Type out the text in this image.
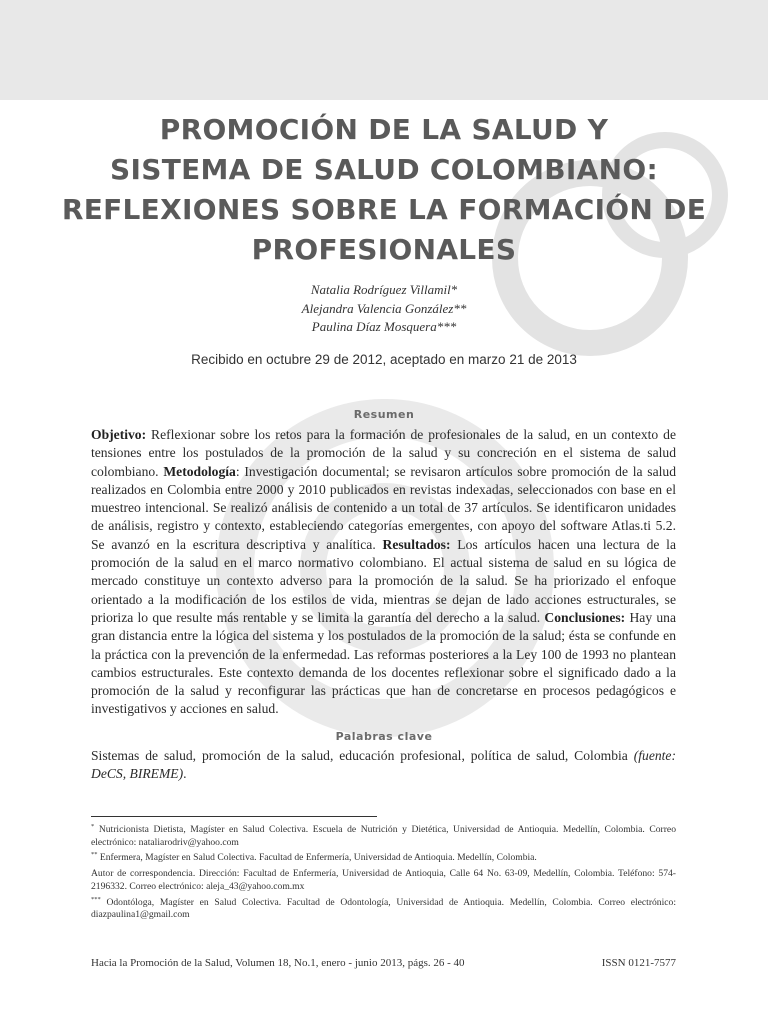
PROMOCIÓN DE LA SALUD Y
SISTEMA DE SALUD COLOMBIANO:
REFLEXIONES SOBRE LA FORMACIÓN DE
PROFESIONALES
Natalia Rodríguez Villamil*
Alejandra Valencia González**
Paulina Díaz Mosquera***
Recibido en octubre 29 de 2012, aceptado en marzo 21 de 2013
Resumen
Objetivo: Reflexionar sobre los retos para la formación de profesionales de la salud, en un contexto de tensiones entre los postulados de la promoción de la salud y su concreción en el sistema de salud colombiano. Metodología: Investigación documental; se revisaron artículos sobre promoción de la salud realizados en Colombia entre 2000 y 2010 publicados en revistas indexadas, seleccionados con base en el muestreo intencional. Se realizó análisis de contenido a un total de 37 artículos. Se identificaron unidades de análisis, registro y contexto, estableciendo categorías emergentes, con apoyo del software Atlas.ti 5.2. Se avanzó en la escritura descriptiva y analítica. Resultados: Los artículos hacen una lectura de la promoción de la salud en el marco normativo colombiano. El actual sistema de salud en su lógica de mercado constituye un contexto adverso para la promoción de la salud. Se ha priorizado el enfoque orientado a la modificación de los estilos de vida, mientras se dejan de lado acciones estructurales, se prioriza lo que resulte más rentable y se limita la garantía del derecho a la salud. Conclusiones: Hay una gran distancia entre la lógica del sistema y los postulados de la promoción de la salud; ésta se confunde en la práctica con la prevención de la enfermedad. Las reformas posteriores a la Ley 100 de 1993 no plantean cambios estructurales. Este contexto demanda de los docentes reflexionar sobre el significado dado a la promoción de la salud y reconfigurar las prácticas que han de concretarse en procesos pedagógicos e investigativos y acciones en salud.
Palabras clave
Sistemas de salud, promoción de la salud, educación profesional, política de salud, Colombia (fuente: DeCS, BIREME).

* Nutricionista Dietista, Magíster en Salud Colectiva. Escuela de Nutrición y Dietética, Universidad de Antioquia. Medellín, Colombia. Correo electrónico: nataliarodriv@yahoo.com

** Enfermera, Magíster en Salud Colectiva. Facultad de Enfermería, Universidad de Antioquia. Medellín, Colombia.

Autor de correspondencia. Dirección: Facultad de Enfermería, Universidad de Antioquia, Calle 64 No. 63-09, Medellín, Colombia. Teléfono: 574-2196332. Correo electrónico: aleja_43@yahoo.com.mx

*** Odontóloga, Magíster en Salud Colectiva. Facultad de Odontología, Universidad de Antioquia. Medellín, Colombia. Correo electrónico: diazpaulina1@gmail.com

Hacia la Promoción de la Salud, Volumen 18, No.1, enero - junio 2013, págs. 26 - 40	ISSN 0121-7577
